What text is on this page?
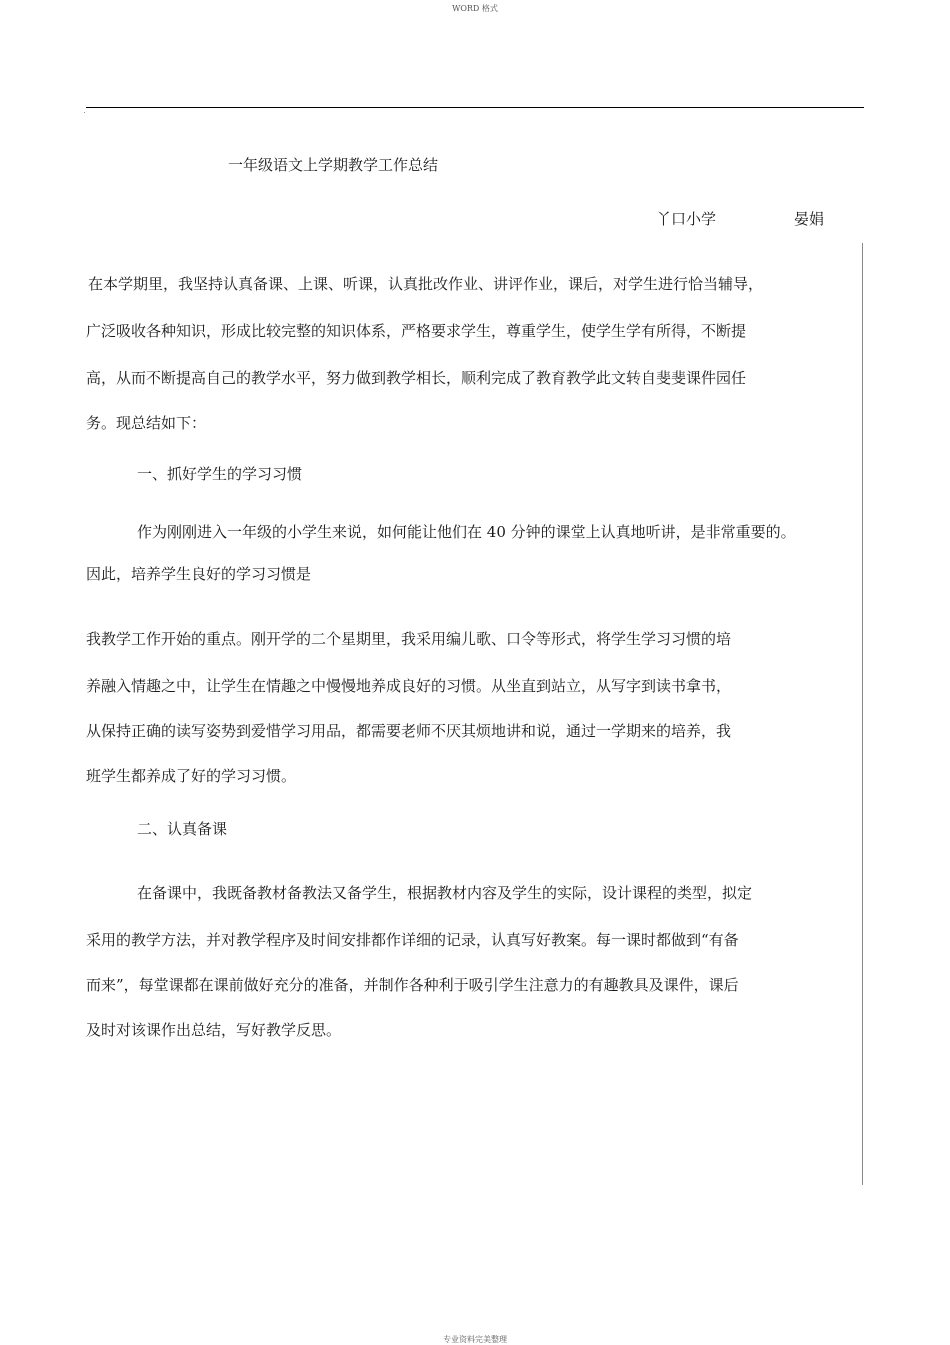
WORD 格式
一年级语文上学期教学工作总结
丫口小学	晏娟
在本学期里，我坚持认真备课、上课、听课，认真批改作业、讲评作业，课后，对学生进行恰当辅导，
广泛吸收各种知识，形成比较完整的知识体系，严格要求学生，尊重学生，使学生学有所得，不断提
高，从而不断提高自己的教学水平，努力做到教学相长，顺利完成了教育教学此文转自斐斐课件园任
务。现总结如下：
一、抓好学生的学习习惯
作为刚刚进入一年级的小学生来说，如何能让他们在 40 分钟的课堂上认真地听讲，是非常重要的。
因此，培养学生良好的学习习惯是
我教学工作开始的重点。刚开学的二个星期里，我采用编儿歌、口令等形式，将学生学习习惯的培
养融入情趣之中，让学生在情趣之中慢慢地养成良好的习惯。从坐直到站立，从写字到读书拿书，
从保持正确的读写姿势到爱惜学习用品，都需要老师不厌其烦地讲和说，通过一学期来的培养，我
班学生都养成了好的学习习惯。
二、认真备课
在备课中，我既备教材备教法又备学生，根据教材内容及学生的实际，设计课程的类型，拟定
采用的教学方法，并对教学程序及时间安排都作详细的记录，认真写好教案。每一课时都做到“有备
而来”，每堂课都在课前做好充分的准备，并制作各种利于吸引学生注意力的有趣教具及课件，课后
及时对该课作出总结，写好教学反思。
专业资料完美整理
